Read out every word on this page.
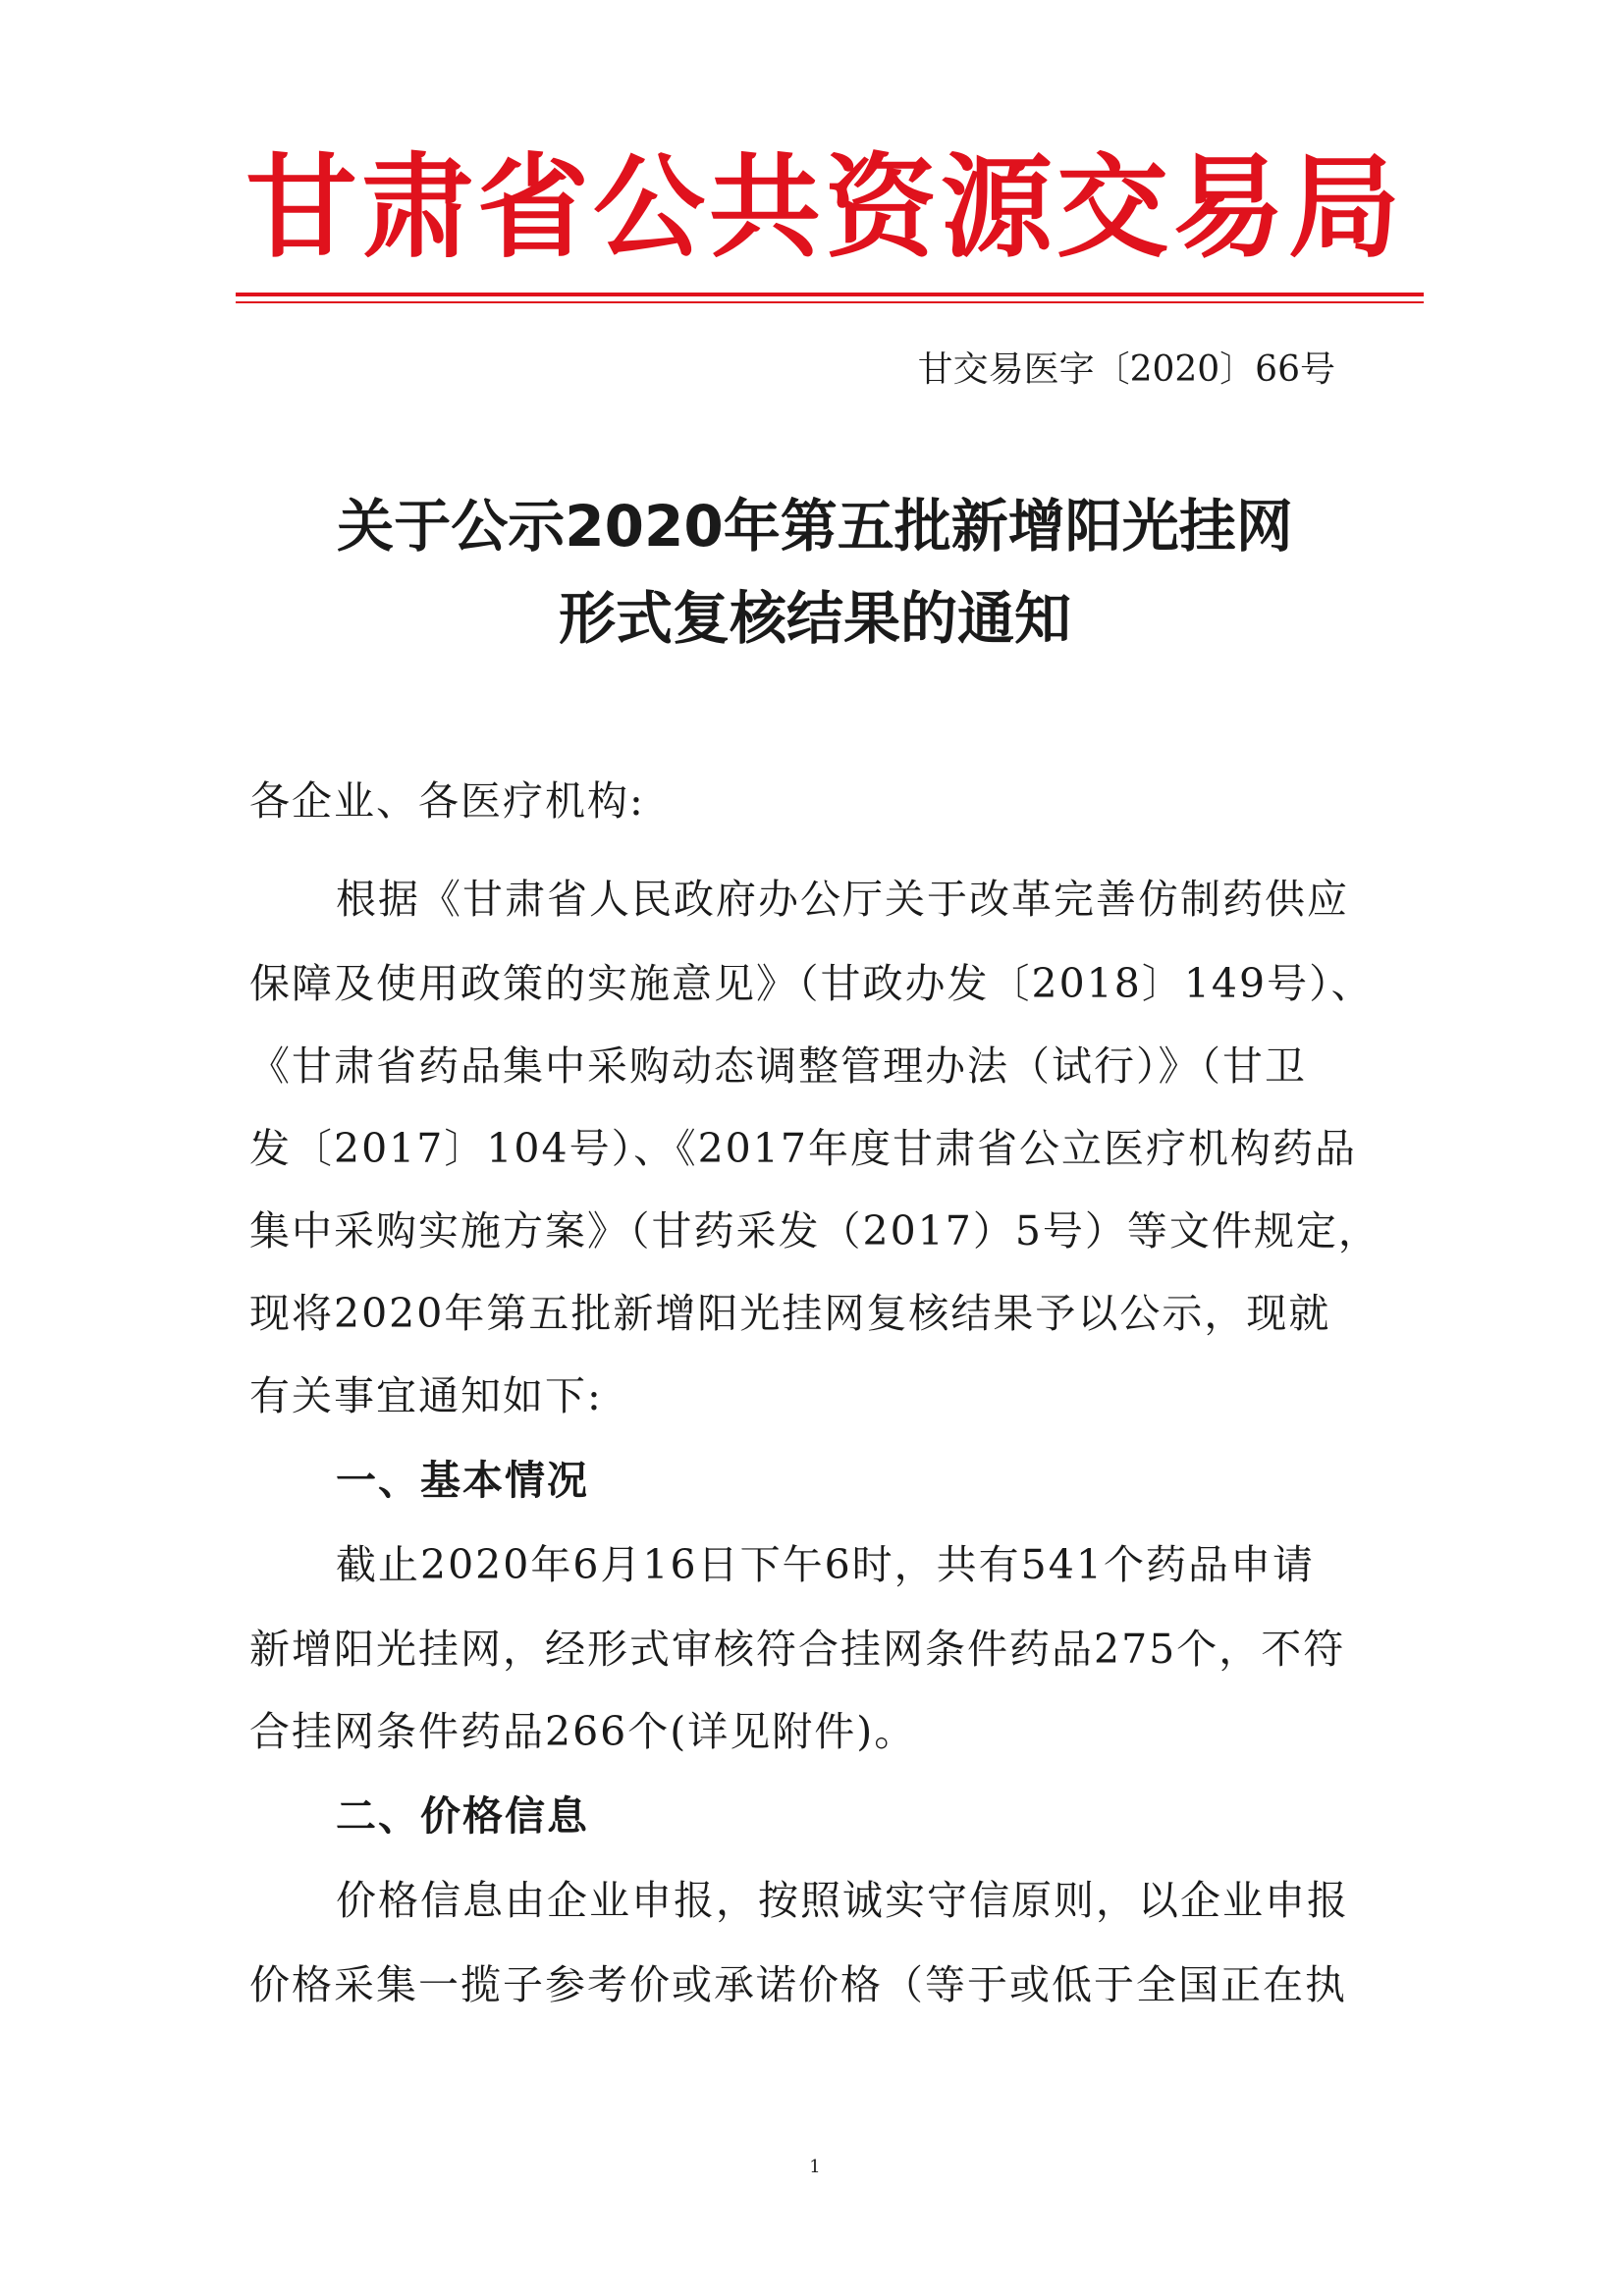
甘肃省公共资源交易局
甘交易医字〔2020〕66号
关于公示2020年第五批新增阳光挂网
形式复核结果的通知
各企业、各医疗机构:
根据《甘肃省人民政府办公厅关于改革完善仿制药供应
保障及使用政策的实施意见》（甘政办发〔2018〕149号）、
《甘肃省药品集中采购动态调整管理办法（试行）》（甘卫
发〔2017〕104号）、《2017年度甘肃省公立医疗机构药品
集中采购实施方案》（甘药采发（2017）5号）等文件规定，
现将2020年第五批新增阳光挂网复核结果予以公示，现就
有关事宜通知如下:
一、基本情况
截止2020年6月16日下午6时，共有541个药品申请
新增阳光挂网，经形式审核符合挂网条件药品275个，不符
合挂网条件药品266个(详见附件)。
二、价格信息
价格信息由企业申报，按照诚实守信原则，以企业申报
价格采集一揽子参考价或承诺价格（等于或低于全国正在执
1
